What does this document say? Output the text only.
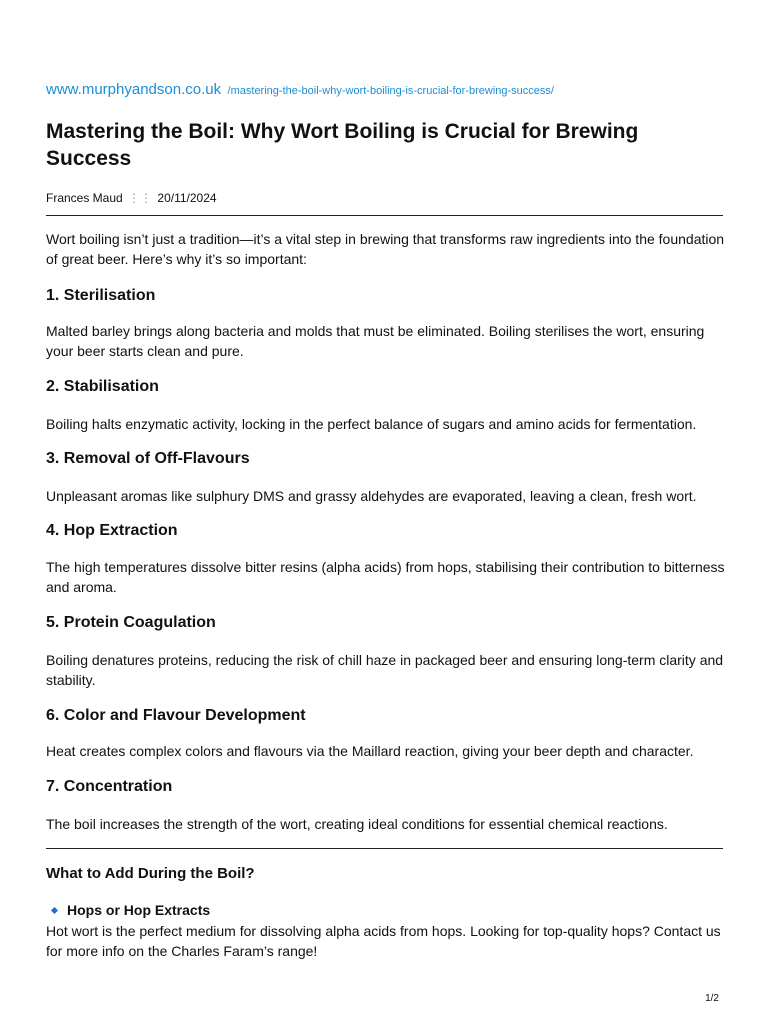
www.murphyandson.co.uk /mastering-the-boil-why-wort-boiling-is-crucial-for-brewing-success/
Mastering the Boil: Why Wort Boiling is Crucial for Brewing Success
Frances Maud ⋮⋮ 20/11/2024

Wort boiling isn’t just a tradition—it’s a vital step in brewing that transforms raw ingredients into the foundation of great beer. Here’s why it’s so important:

1. Sterilisation

Malted barley brings along bacteria and molds that must be eliminated. Boiling sterilises the wort, ensuring your beer starts clean and pure.

2. Stabilisation

Boiling halts enzymatic activity, locking in the perfect balance of sugars and amino acids for fermentation.

3. Removal of Off-Flavours

Unpleasant aromas like sulphury DMS and grassy aldehydes are evaporated, leaving a clean, fresh wort.

4. Hop Extraction

The high temperatures dissolve bitter resins (alpha acids) from hops, stabilising their contribution to bitterness and aroma.

5. Protein Coagulation

Boiling denatures proteins, reducing the risk of chill haze in packaged beer and ensuring long-term clarity and stability.

6. Color and Flavour Development

Heat creates complex colors and flavours via the Maillard reaction, giving your beer depth and character.

7. Concentration

The boil increases the strength of the wort, creating ideal conditions for essential chemical reactions.

What to Add During the Boil?
Hops or Hop Extracts

Hot wort is the perfect medium for dissolving alpha acids from hops. Looking for top-quality hops? Contact us for more info on the Charles Faram’s range!

1/2
